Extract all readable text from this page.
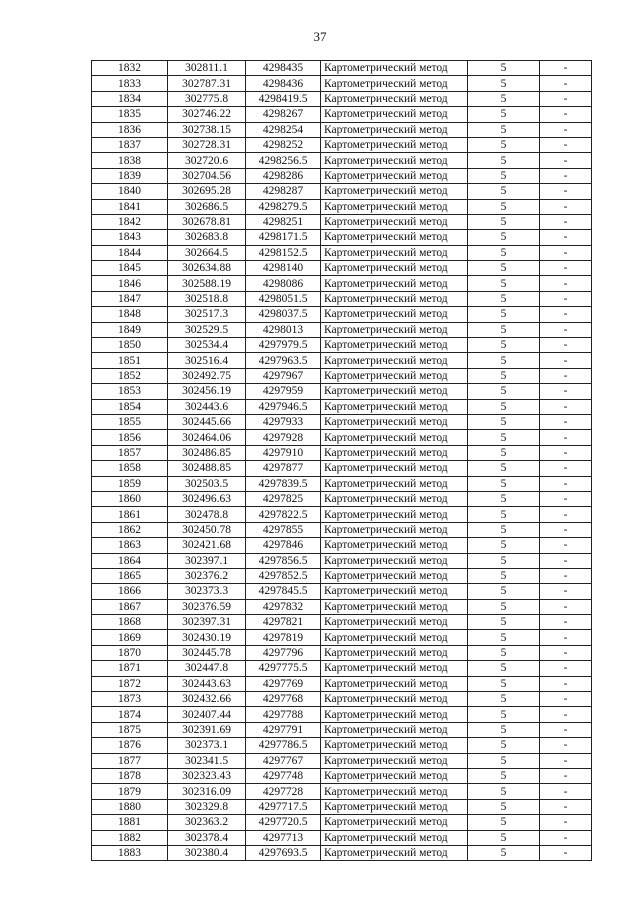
37
1832	302811.1	4298435	Картометрический метод	5	-
1833	302787.31	4298436	Картометрический метод	5	-
1834	302775.8	4298419.5	Картометрический метод	5	-
1835	302746.22	4298267	Картометрический метод	5	-
1836	302738.15	4298254	Картометрический метод	5	-
1837	302728.31	4298252	Картометрический метод	5	-
1838	302720.6	4298256.5	Картометрический метод	5	-
1839	302704.56	4298286	Картометрический метод	5	-
1840	302695.28	4298287	Картометрический метод	5	-
1841	302686.5	4298279.5	Картометрический метод	5	-
1842	302678.81	4298251	Картометрический метод	5	-
1843	302683.8	4298171.5	Картометрический метод	5	-
1844	302664.5	4298152.5	Картометрический метод	5	-
1845	302634.88	4298140	Картометрический метод	5	-
1846	302588.19	4298086	Картометрический метод	5	-
1847	302518.8	4298051.5	Картометрический метод	5	-
1848	302517.3	4298037.5	Картометрический метод	5	-
1849	302529.5	4298013	Картометрический метод	5	-
1850	302534.4	4297979.5	Картометрический метод	5	-
1851	302516.4	4297963.5	Картометрический метод	5	-
1852	302492.75	4297967	Картометрический метод	5	-
1853	302456.19	4297959	Картометрический метод	5	-
1854	302443.6	4297946.5	Картометрический метод	5	-
1855	302445.66	4297933	Картометрический метод	5	-
1856	302464.06	4297928	Картометрический метод	5	-
1857	302486.85	4297910	Картометрический метод	5	-
1858	302488.85	4297877	Картометрический метод	5	-
1859	302503.5	4297839.5	Картометрический метод	5	-
1860	302496.63	4297825	Картометрический метод	5	-
1861	302478.8	4297822.5	Картометрический метод	5	-
1862	302450.78	4297855	Картометрический метод	5	-
1863	302421.68	4297846	Картометрический метод	5	-
1864	302397.1	4297856.5	Картометрический метод	5	-
1865	302376.2	4297852.5	Картометрический метод	5	-
1866	302373.3	4297845.5	Картометрический метод	5	-
1867	302376.59	4297832	Картометрический метод	5	-
1868	302397.31	4297821	Картометрический метод	5	-
1869	302430.19	4297819	Картометрический метод	5	-
1870	302445.78	4297796	Картометрический метод	5	-
1871	302447.8	4297775.5	Картометрический метод	5	-
1872	302443.63	4297769	Картометрический метод	5	-
1873	302432.66	4297768	Картометрический метод	5	-
1874	302407.44	4297788	Картометрический метод	5	-
1875	302391.69	4297791	Картометрический метод	5	-
1876	302373.1	4297786.5	Картометрический метод	5	-
1877	302341.5	4297767	Картометрический метод	5	-
1878	302323.43	4297748	Картометрический метод	5	-
1879	302316.09	4297728	Картометрический метод	5	-
1880	302329.8	4297717.5	Картометрический метод	5	-
1881	302363.2	4297720.5	Картометрический метод	5	-
1882	302378.4	4297713	Картометрический метод	5	-
1883	302380.4	4297693.5	Картометрический метод	5	-
